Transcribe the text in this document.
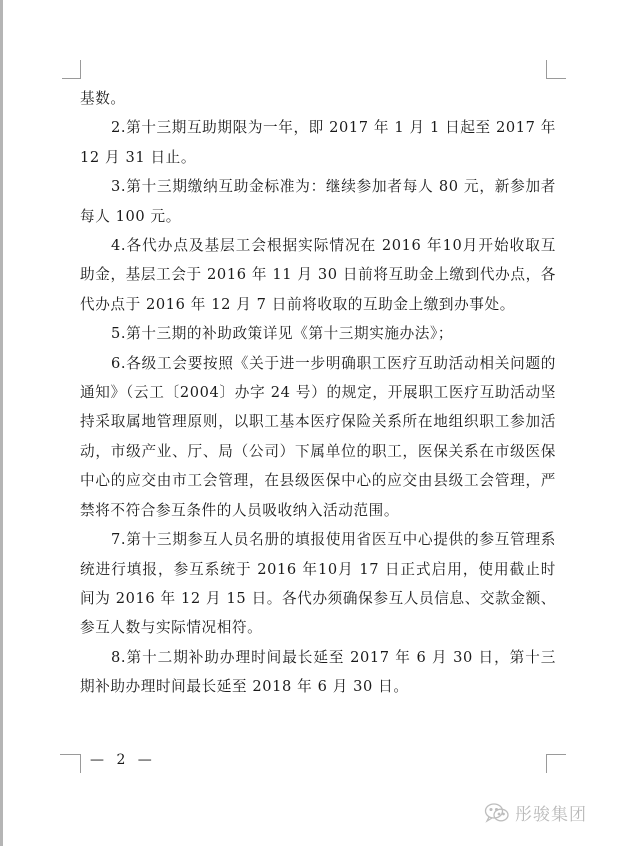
基数。

2.第十三期互助期限为一年，即 2017 年 1 月 1 日起至 2017 年 12 月 31 日止。

3.第十三期缴纳互助金标准为：继续参加者每人 80 元，新参加者每人 100 元。

4.各代办点及基层工会根据实际情况在 2016 年10月开始收取互助金，基层工会于 2016 年 11 月 30 日前将互助金上缴到代办点，各代办点于 2016 年 12 月 7 日前将收取的互助金上缴到办事处。

5.第十三期的补助政策详见《第十三期实施办法》；

6.各级工会要按照《关于进一步明确职工医疗互助活动相关问题的通知》（云工〔2004〕办字 24 号）的规定，开展职工医疗互助活动坚持采取属地管理原则，以职工基本医疗保险关系所在地组织职工参加活动，市级产业、厅、局（公司）下属单位的职工，医保关系在市级医保中心的应交由市工会管理，在县级医保中心的应交由县级工会管理，严禁将不符合参互条件的人员吸收纳入活动范围。

7.第十三期参互人员名册的填报使用省医互中心提供的参互管理系统进行填报，参互系统于 2016 年10月 17 日正式启用，使用截止时间为 2016 年 12 月 15 日。各代办须确保参互人员信息、交款金额、参互人数与实际情况相符。

8.第十二期补助办理时间最长延至 2017 年 6 月 30 日，第十三期补助办理时间最长延至 2018 年 6 月 30 日。

— 2 —
彤骏集团
